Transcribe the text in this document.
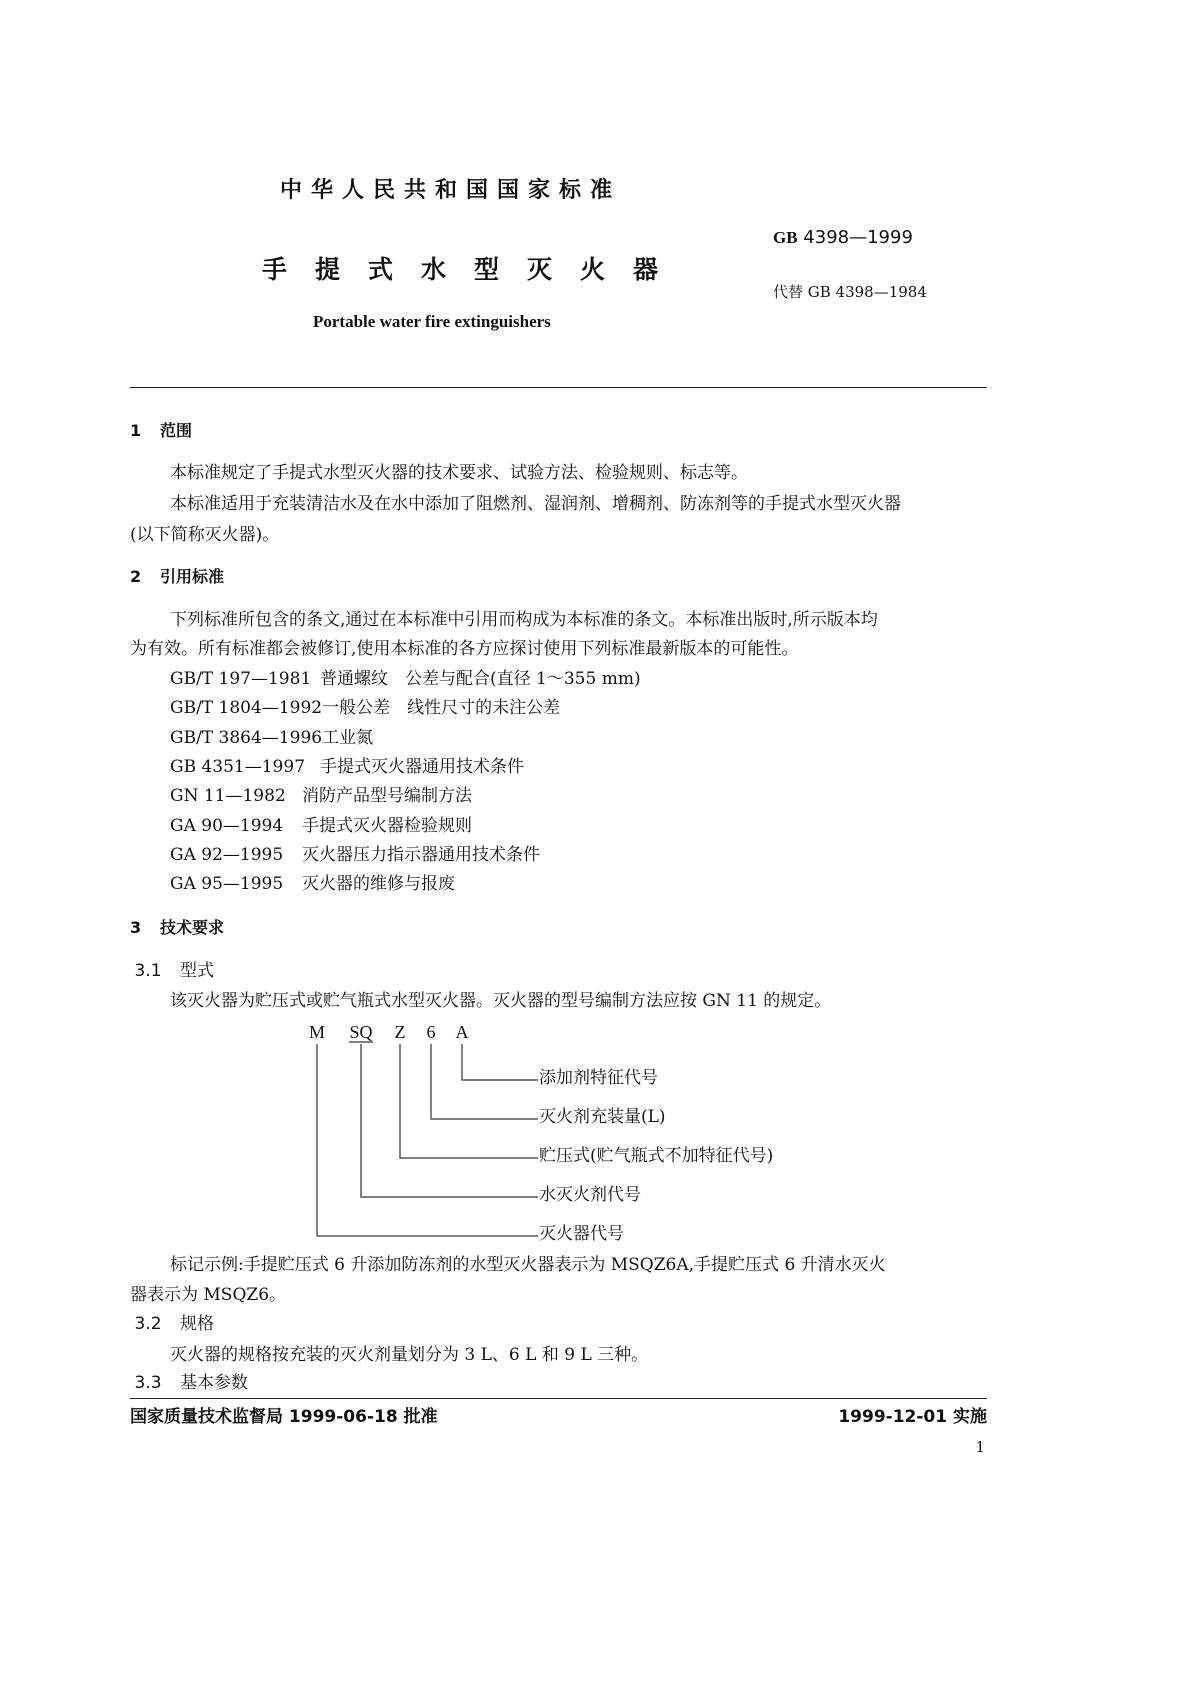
中华人民共和国国家标准
GB 4398—1999
手提式水型灭火器
代替 GB 4398—1984
Portable water fire extinguishers
1 范围
本标准规定了手提式水型灭火器的技术要求、试验方法、检验规则、标志等。
本标准适用于充装清洁水及在水中添加了阻燃剂、湿润剂、增稠剂、防冻剂等的手提式水型灭火器
(以下简称灭火器)。
2 引用标准
下列标准所包含的条文,通过在本标准中引用而构成为本标准的条文。本标准出版时,所示版本均
为有效。所有标准都会被修订,使用本标准的各方应探讨使用下列标准最新版本的可能性。
GB/T 197—1981 普通螺纹　公差与配合(直径 1～355 mm)
GB/T 1804—1992一般公差　线性尺寸的未注公差
GB/T 3864—1996工业氮
GB 4351—1997 手提式灭火器通用技术条件
GN 11—1982 消防产品型号编制方法
GA 90—1994 手提式灭火器检验规则
GA 92—1995 灭火器压力指示器通用技术条件
GA 95—1995 灭火器的维修与报废
3 技术要求
3.1 型式
该灭火器为贮压式或贮气瓶式水型灭火器。灭火器的型号编制方法应按 GN 11 的规定。
M SQ Z 6 A
添加剂特征代号
灭火剂充装量(L)
贮压式(贮气瓶式不加特征代号)
水灭火剂代号
灭火器代号
标记示例:手提贮压式 6 升添加防冻剂的水型灭火器表示为 MSQZ6A,手提贮压式 6 升清水灭火
器表示为 MSQZ6。
3.2 规格
灭火器的规格按充装的灭火剂量划分为 3 L、6 L 和 9 L 三种。
3.3 基本参数
国家质量技术监督局 1999-06-18 批准	1999-12-01 实施
1
